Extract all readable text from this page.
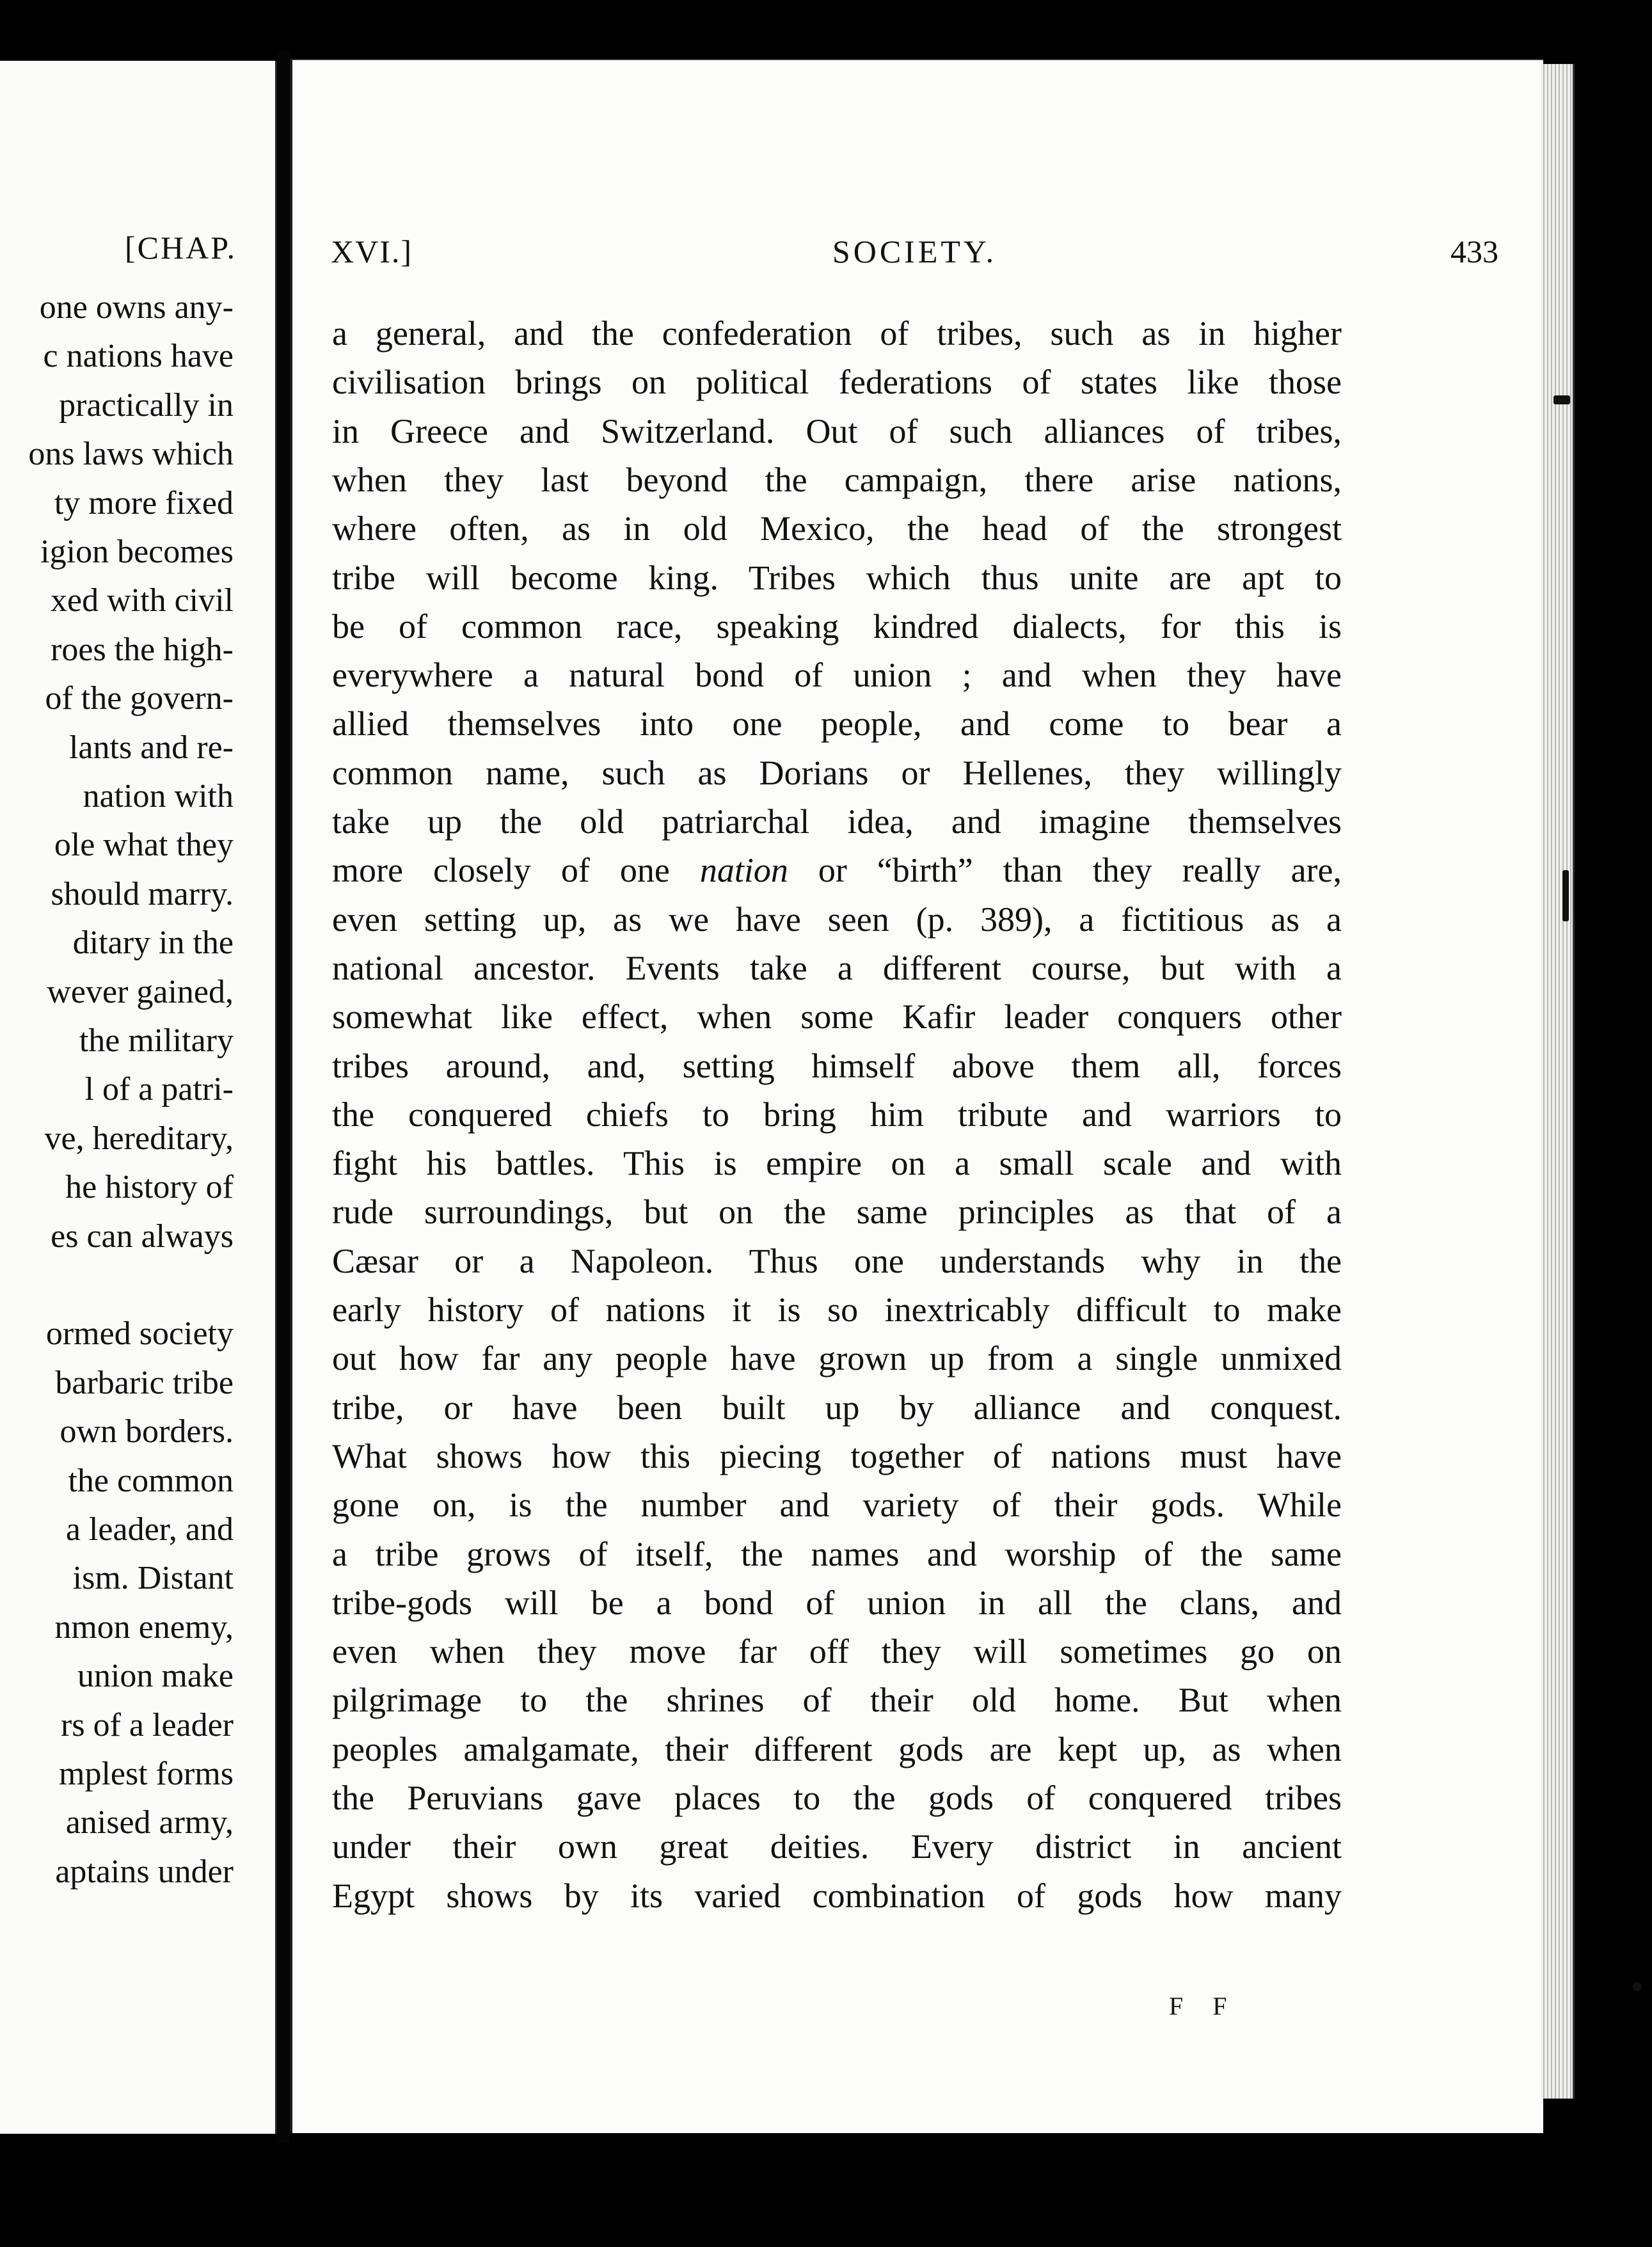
[CHAP.
one owns any-
c nations have
practically in
ons laws which
ty more fixed
igion becomes
xed with civil
roes the high-
of the govern-
lants and re-
nation with
ole what they
should marry.
ditary in the
wever gained,
the military
l of a patri-
ve, hereditary,
he history of
es can always
ormed society
barbaric tribe
own borders.
the common
a leader, and
ism. Distant
nmon enemy,
union make
rs of a leader
mplest forms
anised army,
aptains under
XVI.]	SOCIETY.	433
a general, and the confederation of tribes, such as in higher
civilisation brings on political federations of states like those
in Greece and Switzerland. Out of such alliances of tribes,
when they last beyond the campaign, there arise nations,
where often, as in old Mexico, the head of the strongest
tribe will become king. Tribes which thus unite are apt to
be of common race, speaking kindred dialects, for this is
everywhere a natural bond of union ; and when they have
allied themselves into one people, and come to bear a
common name, such as Dorians or Hellenes, they willingly
take up the old patriarchal idea, and imagine themselves
more closely of one nation or “birth” than they really are,
even setting up, as we have seen (p. 389), a fictitious as a
national ancestor. Events take a different course, but with a
somewhat like effect, when some Kafir leader conquers other
tribes around, and, setting himself above them all, forces
the conquered chiefs to bring him tribute and warriors to
fight his battles. This is empire on a small scale and with
rude surroundings, but on the same principles as that of a
Cæsar or a Napoleon. Thus one understands why in the
early history of nations it is so inextricably difficult to make
out how far any people have grown up from a single unmixed
tribe, or have been built up by alliance and conquest.
What shows how this piecing together of nations must have
gone on, is the number and variety of their gods. While
a tribe grows of itself, the names and worship of the same
tribe-gods will be a bond of union in all the clans, and
even when they move far off they will sometimes go on
pilgrimage to the shrines of their old home. But when
peoples amalgamate, their different gods are kept up, as when
the Peruvians gave places to the gods of conquered tribes
under their own great deities. Every district in ancient
Egypt shows by its varied combination of gods how many
F F
